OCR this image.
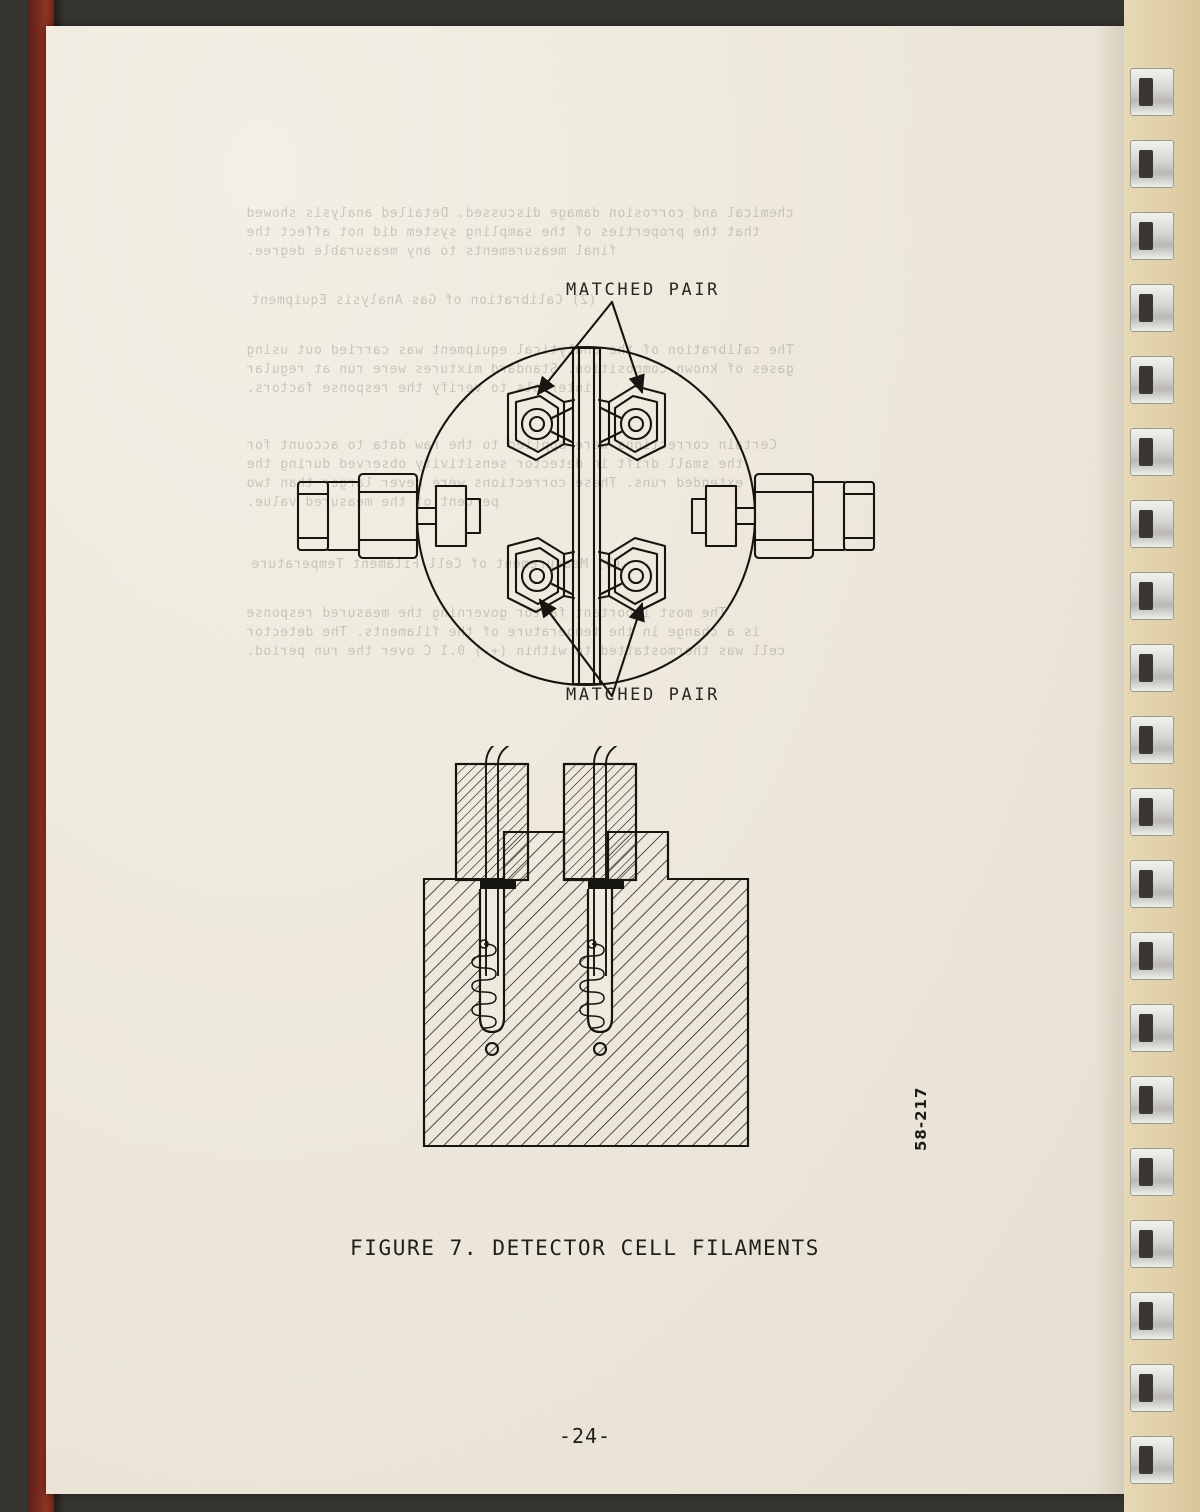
chemical and corrosion damage discussed. Detailed analysis showed
that the properties of the sampling system did not affect the
final measurements to any measurable degree.
(2) Calibration of Gas Analysis Equipment
The calibration of the analytical equipment was carried out using
gases of known composition. Standard mixtures were run at regular
intervals to verify the response factors.
Certain corrections were applied to the raw data to account for
the small drift in detector sensitivity observed during the
extended runs. These corrections were never larger than two
percent of the measured value.
(3) Measurement of Cell Filament Temperature
The most important factor governing the measured response
is a change in the temperature of the filaments. The detector
cell was thermostatted to within (+-) 0.1 C over the run period.
MATCHED PAIR
MATCHED PAIR
58-217
FIGURE 7. DETECTOR CELL FILAMENTS
-24-
